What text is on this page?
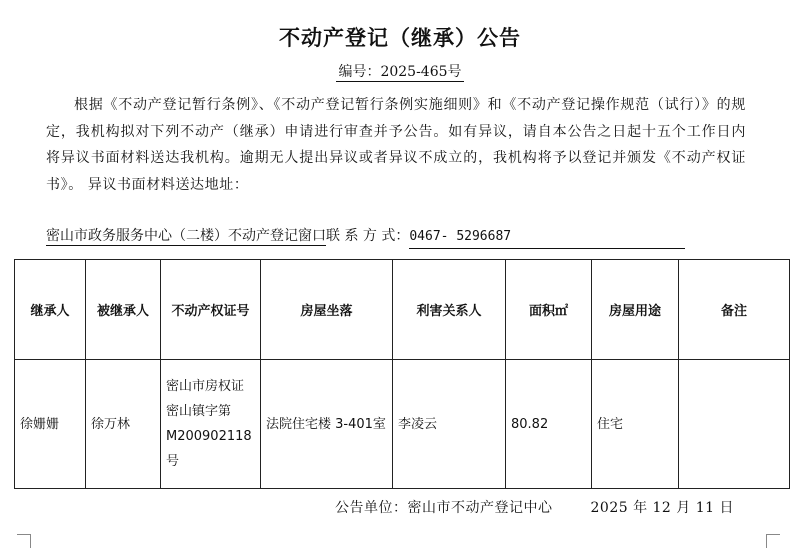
不动产登记（继承）公告
编号：2025-465号
根据《不动产登记暂行条例》、《不动产登记暂行条例实施细则》和《不动产登记操作规范（试行）》的规定，我机构拟对下列不动产（继承）申请进行审查并予公告。如有异议，请自本公告之日起十五个工作日内将异议书面材料送达我机构。逾期无人提出异议或者异议不成立的，我机构将予以登记并颁发《不动产权证书》。 异议书面材料送达地址：
密山市政务服务中心（二楼）不动产登记窗口联 系 方 式：0467- 5296687
继承人	被继承人	不动产权证号	房屋坐落	利害关系人	面积㎡	房屋用途	备注
徐姗姗	徐万林	密山市房权证密山镇字第M200902118号	法院住宅楼 3-401室	李凌云	80.82	住宅	
公告单位：密山市不动产登记中心	2025 年 12 月 11 日
